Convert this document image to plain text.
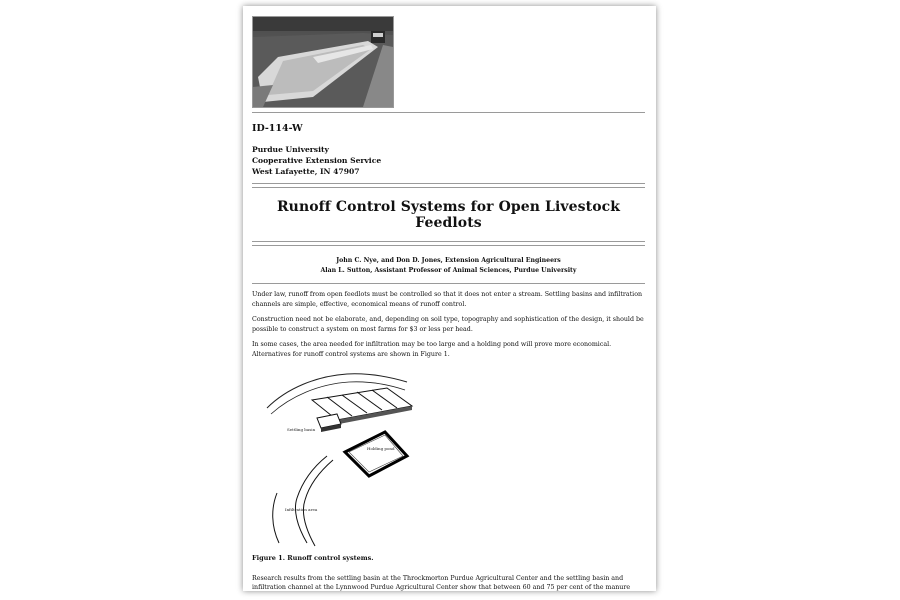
ID-114-W
Purdue University
Cooperative Extension Service
West Lafayette, IN 47907
Runoff Control Systems for Open Livestock Feedlots
John C. Nye, and Don D. Jones, Extension Agricultural Engineers
Alan L. Sutton, Assistant Professor of Animal Sciences, Purdue University

Under law, runoff from open feedlots must be controlled so that it does not enter a stream. Settling basins and infiltration channels are simple, effective, economical means of runoff control.

Construction need not be elaborate, and, depending on soil type, topography and sophistication of the design, it should be possible to construct a system on most farms for $3 or less per head.

In some cases, the area needed for infiltration may be too large and a holding pond will prove more economical. Alternatives for runoff control systems are shown in Figure 1.

Settling basin
Holding pond
Infiltration area
Figure 1. Runoff control systems.

Research results from the settling basin at the Throckmorton Purdue Agricultural Center and the settling basin and infiltration channel at the Lynnwood Purdue Agricultural Center show that between 60 and 75 per cent of the manure
